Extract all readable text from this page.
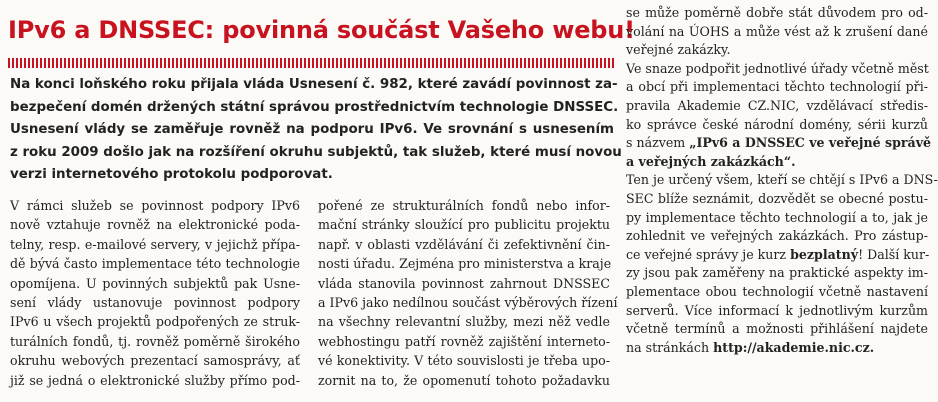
IPv6 a DNSSEC: povinná součást Vašeho webu!
Na konci loňského roku přijala vláda Usnesení č. 982, které zavádí povinnost za-
bezpečení domén držených státní správou prostřednictvím technologie DNSSEC.
Usnesení vlády se zaměřuje rovněž na podporu IPv6. Ve srovnání s usnesením
z roku 2009 došlo jak na rozšíření okruhu subjektů, tak služeb, které musí novou
verzi internetového protokolu podporovat.
V rámci služeb se povinnost podpory IPv6
nově vztahuje rovněž na elektronické poda-
telny, resp. e-mailové servery, v jejichž přípa-
dě bývá často implementace této technologie
opomíjena. U povinných subjektů pak Usne-
sení vlády ustanovuje povinnost podpory
IPv6 u všech projektů podpořených ze struk-
turálních fondů, tj. rovněž poměrně širokého
okruhu webových prezentací samosprávy, ať
již se jedná o elektronické služby přímo pod-
pořené ze strukturálních fondů nebo infor-
mační stránky sloužící pro publicitu projektu
např. v oblasti vzdělávání či zefektivnění čin-
nosti úřadu. Zejména pro ministerstva a kraje
vláda stanovila povinnost zahrnout DNSSEC
a IPv6 jako nedílnou součást výběrových řízení
na všechny relevantní služby, mezi něž vedle
webhostingu patří rovněž zajištění interneto-
vé konektivity. V této souvislosti je třeba upo-
zornit na to, že opomenutí tohoto požadavku
se může poměrně dobře stát důvodem pro od-
volání na ÚOHS a může vést až k zrušení dané
veřejné zakázky.
Ve snaze podpořit jednotlivé úřady včetně měst
a obcí při implementaci těchto technologií při-
pravila Akademie CZ.NIC, vzdělávací středis-
ko správce české národní domény, sérii kurzů
s názvem „IPv6 a DNSSEC ve veřejné správě
a veřejných zakázkách“.
Ten je určený všem, kteří se chtějí s IPv6 a DNS-
SEC blíže seznámit, dozvědět se obecné postu-
py implementace těchto technologií a to, jak je
zohlednit ve veřejných zakázkách. Pro zástup-
ce veřejné správy je kurz bezplatný! Další kur-
zy jsou pak zaměřeny na praktické aspekty im-
plementace obou technologií včetně nastavení
serverů. Více informací k jednotlivým kurzům
včetně termínů a možnosti přihlášení najdete
na stránkách http://akademie.nic.cz.
